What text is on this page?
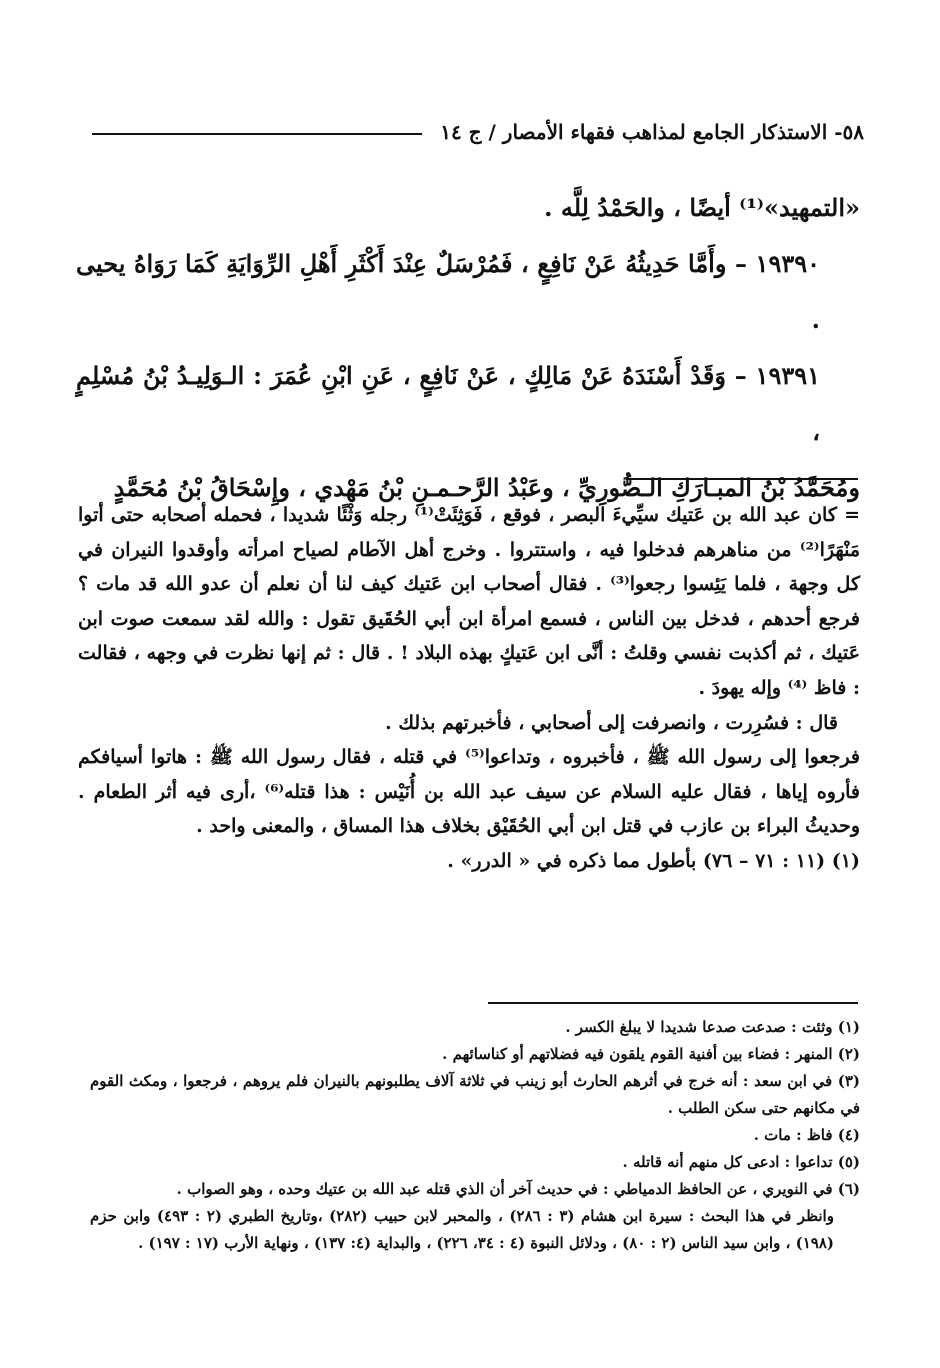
٥٨- الاستذكار الجامع لمذاهب فقهاء الأمصار / ج ١٤

«التمهيد»⁽¹⁾ أيضًا ، والحَمْدُ لِلَّه .

١٩٣٩٠ – وأَمَّا حَدِيثُهُ عَنْ نَافِعٍ ، فَمُرْسَلٌ عِنْدَ أَكْثَرِ أَهْلِ الرِّوَايَةِ كَمَا رَوَاهُ يحيى .

١٩٣٩١ – وَقَدْ أَسْنَدَهُ عَنْ مَالِكٍ ، عَنْ نَافِعٍ ، عَنِ ابْنِ عُمَرَ : الـوَلِيـدُ بْنُ مُسْلِمٍ ،

ومُحَمَّدُ بْنُ المبـارَكِ الـصُّورِيِّ ، وعَبْدُ الرَّحـمـنِ بْنُ مَهْدي ، وإِسْحَاقُ بْنُ مُحَمَّدٍ

= كان عبد الله بن عَتيك سيِّيءَ البصر ، فوقع ، فَوَثِئَتْ⁽¹⁾ رجله وَثْئًا شديدا ، فحمله أصحابه حتى أتوا مَنْهَرًا⁽²⁾ من مناهرهم فدخلوا فيه ، واستتروا . وخرج أهل الآطام لصياح امرأته وأوقدوا النيران في كل وجهة ، فلما يَئِسوا رجعوا⁽³⁾ . فقال أصحاب ابن عَتيك كيف لنا أن نعلم أن عدو الله قد مات ؟ فرجع أحدهم ، فدخل بين الناس ، فسمع امرأة ابن أبي الحُقَيق تقول : والله لقد سمعت صوت ابن عَتيك ، ثم أكذبت نفسي وقلتُ : أنَّى ابن عَتيكٍ بهذه البلاد ! . قال : ثم إنها نظرت في وجهه ، فقالت : فاظ ⁽⁴⁾ وإله يهودَ .

قال : فسُرِرت ، وانصرفت إلى أصحابي ، فأخبرتهم بذلك .

فرجعوا إلى رسول الله ﷺ ، فأخبروه ، وتداعوا⁽⁵⁾ في قتله ، فقال رسول الله ﷺ : هاتوا أسيافكم فأروه إياها ، فقال عليه السلام عن سيف عبد الله بن أُنَيْس : هذا قتله⁽⁶⁾ ،أرى فيه أثر الطعام . وحديثُ البراء بن عازب في قتل ابن أبي الحُقَيْق بخلاف هذا المساق ، والمعنى واحد .

(١) (١١ : ٧١ – ٧٦) بأطول مما ذكره في « الدرر» .

(١) وثئت : صدعت صدعا شديدا لا يبلغ الكسر .

(٢) المنهر : فضاء بين أفنية القوم يلقون فيه فضلاتهم أو كناسائهم .

(٣) في ابن سعد : أنه خرج في أثرهم الحارث أبو زينب في ثلاثة آلاف يطلبونهم بالنيران فلم يروهم ، فرجعوا ، ومكث القوم في مكانهم حتى سكن الطلب .

(٤) فاظ : مات .

(٥) تداعوا : ادعى كل منهم أنه قاتله .

(٦) في النويري ، عن الحافظ الدمياطي : في حديث آخر أن الذي قتله عبد الله بن عتيك وحده ، وهو الصواب .

وانظر في هذا البحث : سيرة ابن هشام (٣ : ٢٨٦) ، والمحبر لابن حبيب (٢٨٢) ،وتاريخ الطبري (٢ : ٤٩٣) وابن حزم (١٩٨) ، وابن سيد الناس (٢ : ٨٠) ، ودلائل النبوة (٤ : ٣٤، ٢٢٦) ، والبداية (٤: ١٣٧) ، ونهاية الأرب (١٧ : ١٩٧) .
